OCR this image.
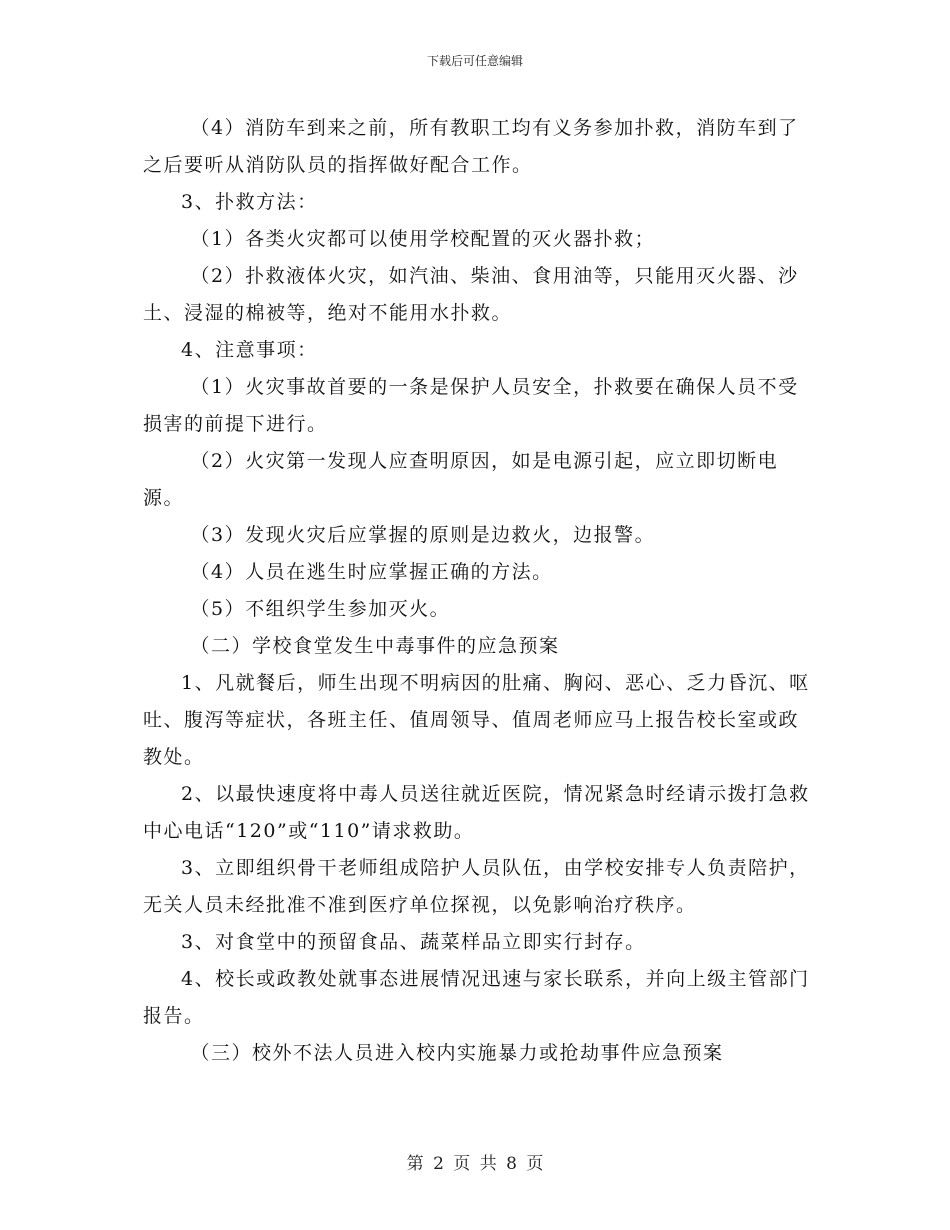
下载后可任意编辑

（4）消防车到来之前，所有教职工均有义务参加扑救，消防车到了之后要听从消防队员的指挥做好配合工作。

3、扑救方法：

（1）各类火灾都可以使用学校配置的灭火器扑救；

（2）扑救液体火灾，如汽油、柴油、食用油等，只能用灭火器、沙土、浸湿的棉被等，绝对不能用水扑救。

4、注意事项：

（1）火灾事故首要的一条是保护人员安全，扑救要在确保人员不受损害的前提下进行。

（2）火灾第一发现人应查明原因，如是电源引起，应立即切断电源。

（3）发现火灾后应掌握的原则是边救火，边报警。

（4）人员在逃生时应掌握正确的方法。

（5）不组织学生参加灭火。

（二）学校食堂发生中毒事件的应急预案

1、凡就餐后，师生出现不明病因的肚痛、胸闷、恶心、乏力昏沉、呕吐、腹泻等症状，各班主任、值周领导、值周老师应马上报告校长室或政教处。

2、以最快速度将中毒人员送往就近医院，情况紧急时经请示拨打急救中心电话“120”或“110”请求救助。

3、立即组织骨干老师组成陪护人员队伍，由学校安排专人负责陪护，无关人员未经批准不准到医疗单位探视，以免影响治疗秩序。

3、对食堂中的预留食品、蔬菜样品立即实行封存。

4、校长或政教处就事态进展情况迅速与家长联系，并向上级主管部门报告。

（三）校外不法人员进入校内实施暴力或抢劫事件应急预案

第 2 页 共 8 页
